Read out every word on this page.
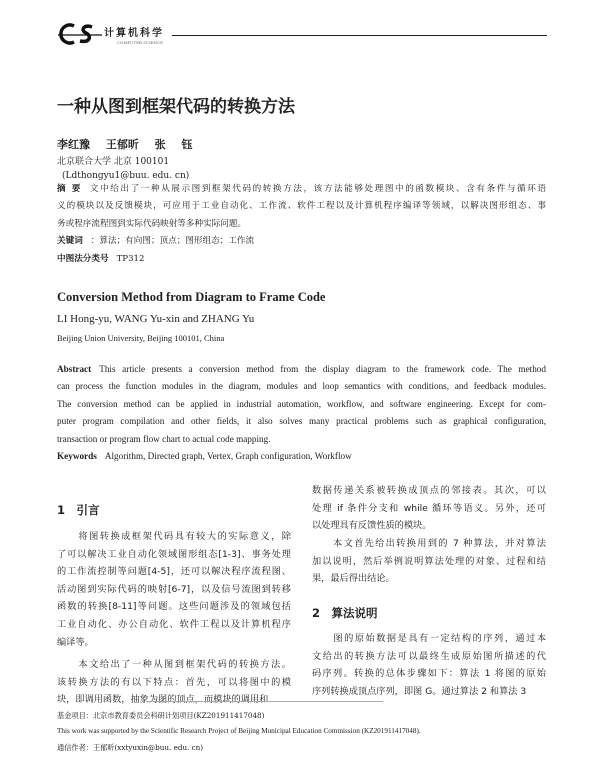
计算机科学
COMPUTER SCIENCE
一种从图到框架代码的转换方法
李红豫 王郁昕 张 钰
北京联合大学 北京 100101
(Ldthongyu1@buu. edu. cn)
摘 要 文中给出了一种从展示图到框架代码的转换方法，该方法能够处理图中的函数模块、含有条件与循环语
义的模块以及反馈模块，可应用于工业自动化、工作流、软件工程以及计算机程序编译等领域，以解决图形组态、事
务或程序流程图到实际代码映射等多种实际问题。
关键词 ：算法；有向图；顶点；图形组态；工作流
中图法分类号 TP312
Conversion Method from Diagram to Frame Code
LI Hong-yu, WANG Yu-xin and ZHANG Yu
Beijing Union University, Beijing 100101, China
Abstract This article presents a conversion method from the display diagram to the framework code. The method
can process the function modules in the diagram, modules and loop semantics with conditions, and feedback modules.
The conversion method can be applied in industrial automation, workflow, and software engineering. Except for com-
puter program compilation and other fields, it also solves many practical problems such as graphical configuration,
transaction or program flow chart to actual code mapping.
Keywords Algorithm, Directed graph, Vertex, Graph configuration, Workflow
1　引言
　　将图转换成框架代码具有较大的实际意义，除
了可以解决工业自动化领域图形组态[1-3]、事务处理
的工作流控制等问题[4-5]，还可以解决程序流程图、
活动图到实际代码的映射[6-7]，以及信号流图到转移
函数的转换[8-11]等问题。这些问题涉及的领域包括
工业自动化、办公自动化、软件工程以及计算机程序
编译等。
　　本文给出了一种从图到框架代码的转换方法。
该转换方法的有以下特点：首先，可以将图中的模
块，即调用函数，抽象为图的顶点，而模块的调用和
数据传递关系被转换成顶点的邻接表。其次，可以
处理 if 条件分支和 while 循环等语义。另外，还可
以处理具有反馈性质的模块。
　　本文首先给出转换用到的 7 种算法，并对算法
加以说明，然后举例说明算法处理的对象、过程和结
果，最后得出结论。
2　算法说明
　　图的原始数据是具有一定结构的序列，通过本
文给出的转换方法可以最终生成原始图所描述的代
码序列。转换的总体步骤如下：算法 1 将图的原始
序列转换成顶点序列，即图 G。通过算法 2 和算法 3
基金项目：北京市教育委员会科研计划项目(KZ201911417048)
This work was supported by the Scientific Research Project of Beijing Municipal Education Commission (KZ201911417048).
通信作者：王郁昕(xxtyuxin@buu. edu. cn)
